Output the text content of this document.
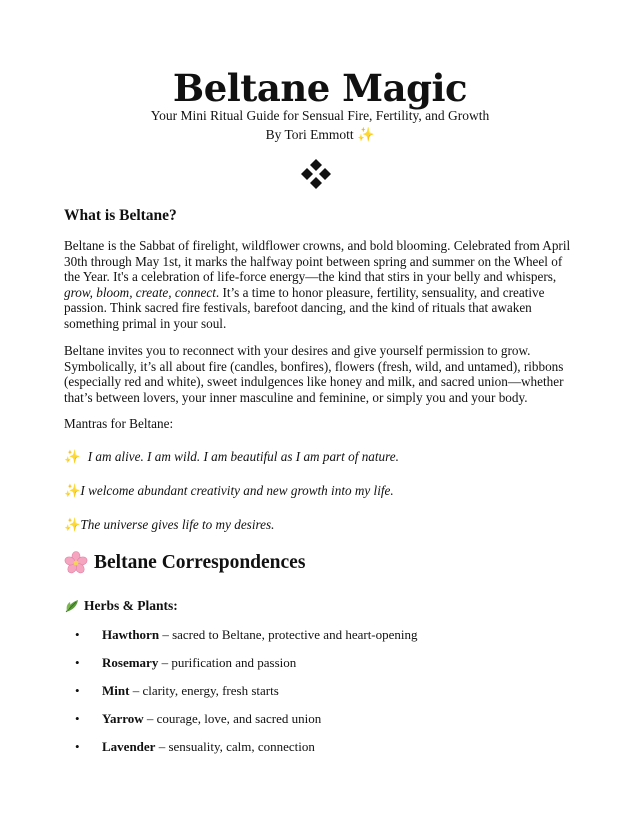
Beltane Magic
Your Mini Ritual Guide for Sensual Fire, Fertility, and Growth
By Tori Emmott ✨
What is Beltane?
Beltane is the Sabbat of firelight, wildflower crowns, and bold blooming. Celebrated from April 30th through May 1st, it marks the halfway point between spring and summer on the Wheel of the Year. It's a celebration of life-force energy—the kind that stirs in your belly and whispers, grow, bloom, create, connect. It’s a time to honor pleasure, fertility, sensuality, and creative passion. Think sacred fire festivals, barefoot dancing, and the kind of rituals that awaken something primal in your soul.
Beltane invites you to reconnect with your desires and give yourself permission to grow. Symbolically, it’s all about fire (candles, bonfires), flowers (fresh, wild, and untamed), ribbons (especially red and white), sweet indulgences like honey and milk, and sacred union—whether that’s between lovers, your inner masculine and feminine, or simply you and your body.
Mantras for Beltane:
✨ I am alive. I am wild. I am beautiful as I am part of nature.
✨I welcome abundant creativity and new growth into my life.
✨The universe gives life to my desires.
Beltane Correspondences
Herbs & Plants:
• Hawthorn – sacred to Beltane, protective and heart-opening
• Rosemary – purification and passion
• Mint – clarity, energy, fresh starts
• Yarrow – courage, love, and sacred union
• Lavender – sensuality, calm, connection
